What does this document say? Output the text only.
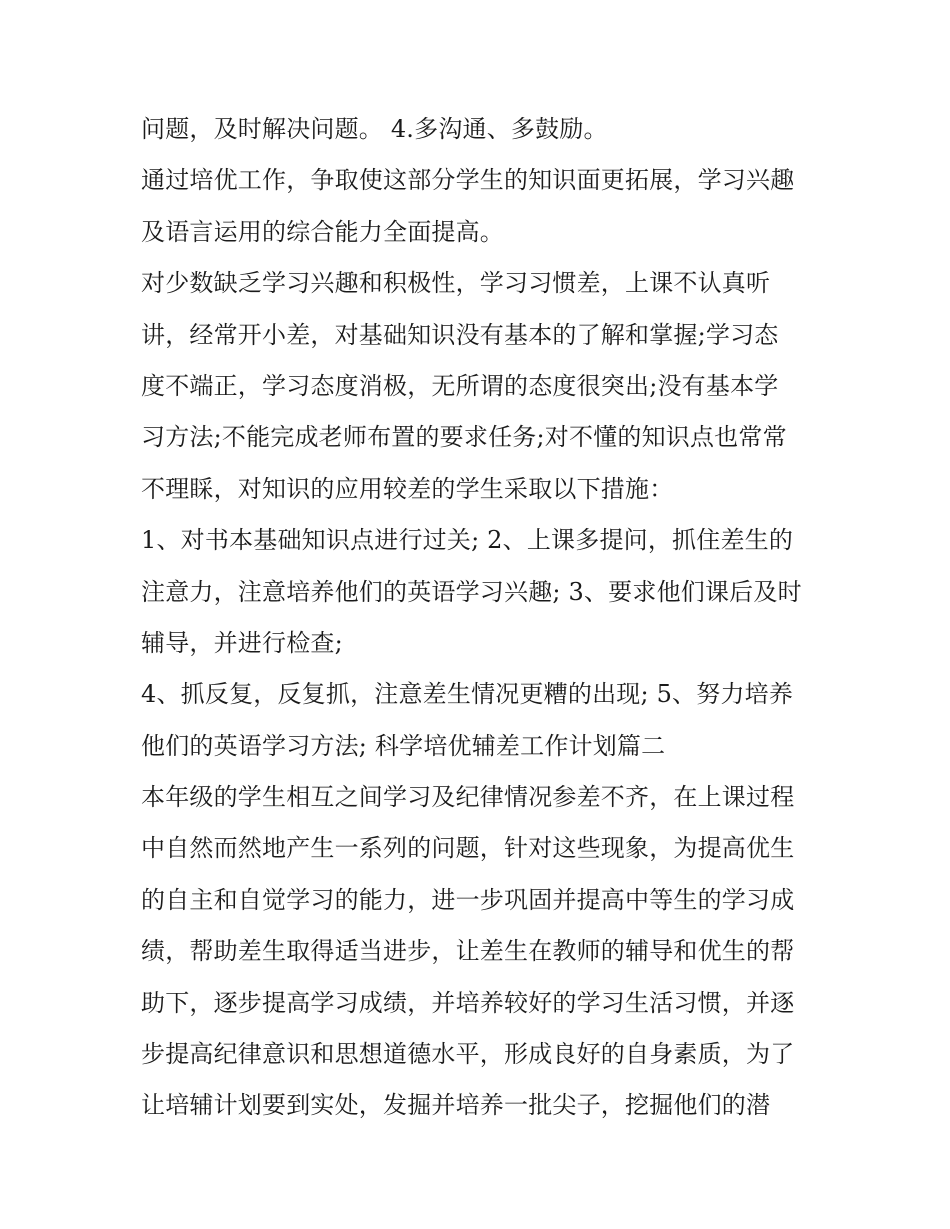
问题，及时解决问题。 4.多沟通、多鼓励。
通过培优工作，争取使这部分学生的知识面更拓展，学习兴趣
及语言运用的综合能力全面提高。
对少数缺乏学习兴趣和积极性，学习习惯差，上课不认真听
讲，经常开小差，对基础知识没有基本的了解和掌握;学习态
度不端正，学习态度消极，无所谓的态度很突出;没有基本学
习方法;不能完成老师布置的要求任务;对不懂的知识点也常常
不理睬，对知识的应用较差的学生采取以下措施：
1、对书本基础知识点进行过关; 2、上课多提问，抓住差生的
注意力，注意培养他们的英语学习兴趣; 3、要求他们课后及时
辅导，并进行检查;
4、抓反复，反复抓，注意差生情况更糟的出现; 5、努力培养
他们的英语学习方法; 科学培优辅差工作计划篇二
本年级的学生相互之间学习及纪律情况参差不齐，在上课过程
中自然而然地产生一系列的问题，针对这些现象，为提高优生
的自主和自觉学习的能力，进一步巩固并提高中等生的学习成
绩，帮助差生取得适当进步，让差生在教师的辅导和优生的帮
助下，逐步提高学习成绩，并培养较好的学习生活习惯，并逐
步提高纪律意识和思想道德水平，形成良好的自身素质，为了
让培辅计划要到实处，发掘并培养一批尖子，挖掘他们的潜
